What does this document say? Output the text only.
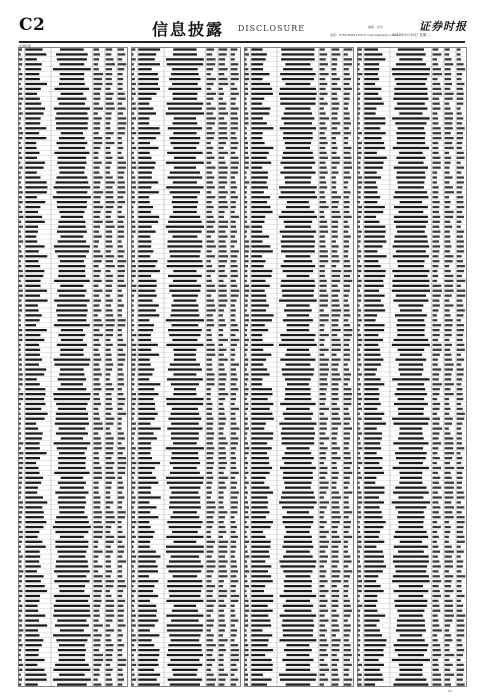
C2	信息披露 DISCLOSURE	编辑 · 校对
电话：0755-83501750 E-mail:zqsb@stcn.com
证券时报
2018年4月10日 星期二
证券代码
C2
